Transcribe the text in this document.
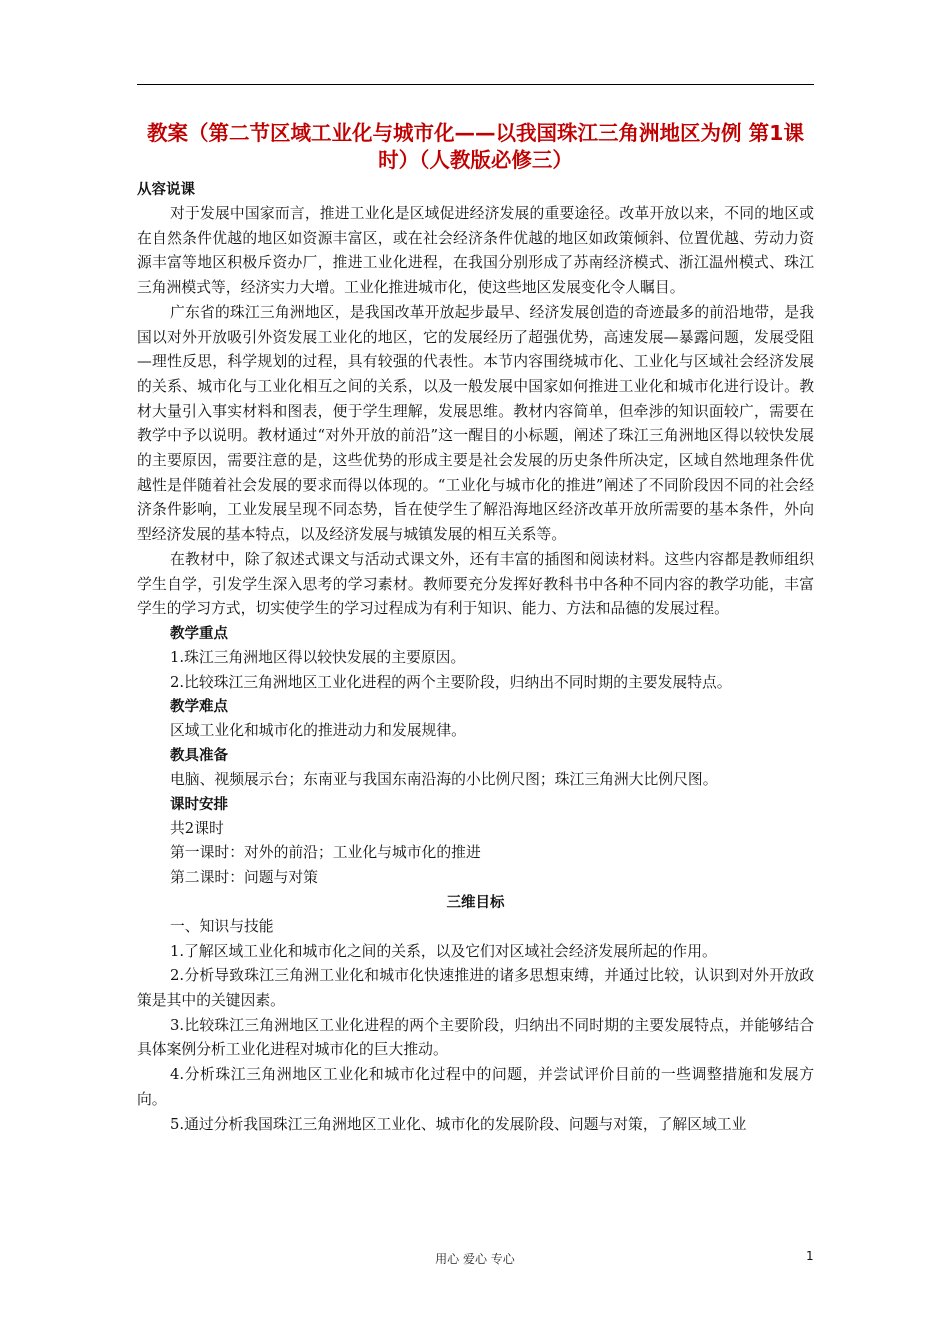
教案（第二节区域工业化与城市化——以我国珠江三角洲地区为例 第1课时）（人教版必修三）
从容说课

对于发展中国家而言，推进工业化是区域促进经济发展的重要途径。改革开放以来，不同的地区或在自然条件优越的地区如资源丰富区，或在社会经济条件优越的地区如政策倾斜、位置优越、劳动力资源丰富等地区积极斥资办厂，推进工业化进程，在我国分别形成了苏南经济模式、浙江温州模式、珠江三角洲模式等，经济实力大增。工业化推进城市化，使这些地区发展变化令人瞩目。

广东省的珠江三角洲地区，是我国改革开放起步最早、经济发展创造的奇迹最多的前沿地带，是我国以对外开放吸引外资发展工业化的地区，它的发展经历了超强优势，高速发展—暴露问题，发展受阻—理性反思，科学规划的过程，具有较强的代表性。本节内容围绕城市化、工业化与区域社会经济发展的关系、城市化与工业化相互之间的关系，以及一般发展中国家如何推进工业化和城市化进行设计。教材大量引入事实材料和图表，便于学生理解，发展思维。教材内容简单，但牵涉的知识面较广，需要在教学中予以说明。教材通过“对外开放的前沿”这一醒目的小标题，阐述了珠江三角洲地区得以较快发展的主要原因，需要注意的是，这些优势的形成主要是社会发展的历史条件所决定，区域自然地理条件优越性是伴随着社会发展的要求而得以体现的。“工业化与城市化的推进”阐述了不同阶段因不同的社会经济条件影响，工业发展呈现不同态势，旨在使学生了解沿海地区经济改革开放所需要的基本条件，外向型经济发展的基本特点，以及经济发展与城镇发展的相互关系等。

在教材中，除了叙述式课文与活动式课文外，还有丰富的插图和阅读材料。这些内容都是教师组织学生自学，引发学生深入思考的学习素材。教师要充分发挥好教科书中各种不同内容的教学功能，丰富学生的学习方式，切实使学生的学习过程成为有利于知识、能力、方法和品德的发展过程。

教学重点

1.珠江三角洲地区得以较快发展的主要原因。

2.比较珠江三角洲地区工业化进程的两个主要阶段，归纳出不同时期的主要发展特点。

教学难点

区域工业化和城市化的推进动力和发展规律。

教具准备

电脑、视频展示台；东南亚与我国东南沿海的小比例尺图；珠江三角洲大比例尺图。

课时安排

共2课时

第一课时：对外的前沿；工业化与城市化的推进

第二课时：问题与对策

三维目标

一、知识与技能

1.了解区域工业化和城市化之间的关系，以及它们对区域社会经济发展所起的作用。

2.分析导致珠江三角洲工业化和城市化快速推进的诸多思想束缚，并通过比较，认识到对外开放政策是其中的关键因素。

3.比较珠江三角洲地区工业化进程的两个主要阶段，归纳出不同时期的主要发展特点，并能够结合具体案例分析工业化进程对城市化的巨大推动。

4.分析珠江三角洲地区工业化和城市化过程中的问题，并尝试评价目前的一些调整措施和发展方向。

5.通过分析我国珠江三角洲地区工业化、城市化的发展阶段、问题与对策，了解区域工业

用心 爱心 专心	1
